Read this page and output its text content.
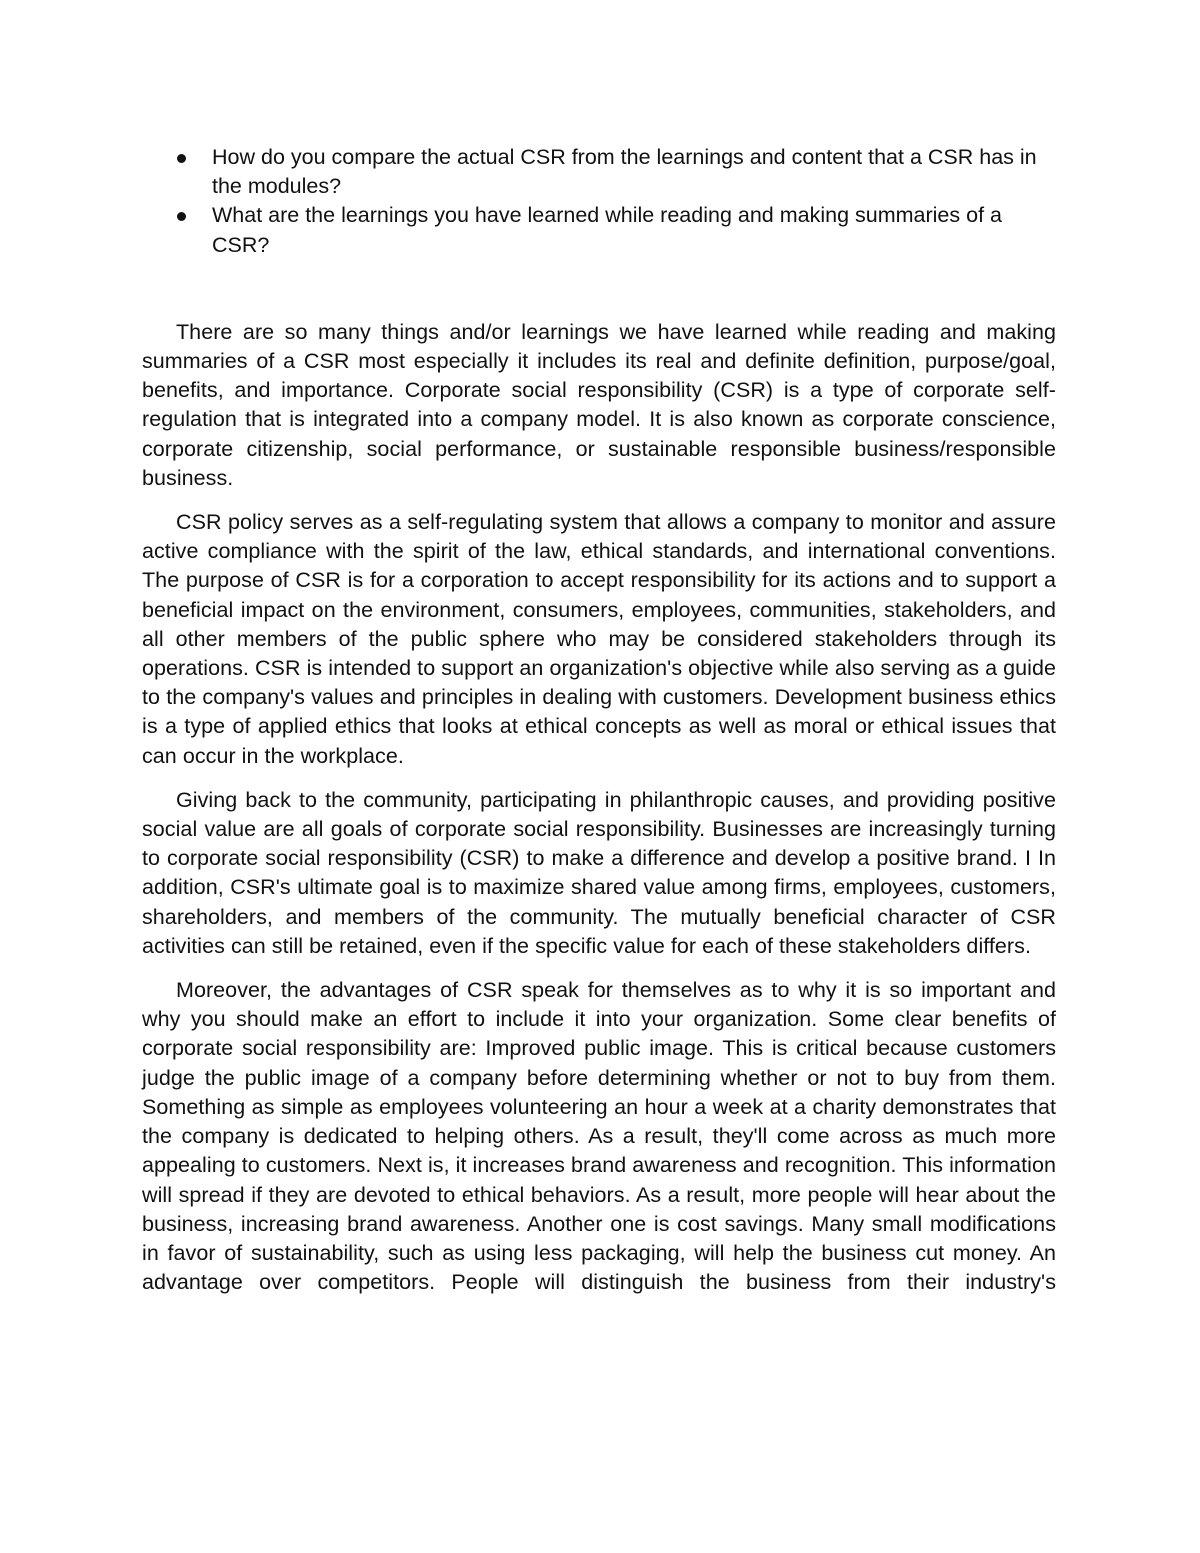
How do you compare the actual CSR from the learnings and content that a CSR has in the modules?
What are the learnings you have learned while reading and making summaries of a CSR?

There are so many things and/or learnings we have learned while reading and making summaries of a CSR most especially it includes its real and definite definition, purpose/goal, benefits, and importance. Corporate social responsibility (CSR) is a type of corporate self-regulation that is integrated into a company model. It is also known as corporate conscience, corporate citizenship, social performance, or sustainable responsible business/responsible business.

CSR policy serves as a self-regulating system that allows a company to monitor and assure active compliance with the spirit of the law, ethical standards, and international conventions. The purpose of CSR is for a corporation to accept responsibility for its actions and to support a beneficial impact on the environment, consumers, employees, communities, stakeholders, and all other members of the public sphere who may be considered stakeholders through its operations. CSR is intended to support an organization's objective while also serving as a guide to the company's values and principles in dealing with customers. Development business ethics is a type of applied ethics that looks at ethical concepts as well as moral or ethical issues that can occur in the workplace.

Giving back to the community, participating in philanthropic causes, and providing positive social value are all goals of corporate social responsibility. Businesses are increasingly turning to corporate social responsibility (CSR) to make a difference and develop a positive brand. I In addition, CSR's ultimate goal is to maximize shared value among firms, employees, customers, shareholders, and members of the community. The mutually beneficial character of CSR activities can still be retained, even if the specific value for each of these stakeholders differs.

Moreover, the advantages of CSR speak for themselves as to why it is so important and why you should make an effort to include it into your organization. Some clear benefits of corporate social responsibility are: Improved public image. This is critical because customers judge the public image of a company before determining whether or not to buy from them. Something as simple as employees volunteering an hour a week at a charity demonstrates that the company is dedicated to helping others. As a result, they'll come across as much more appealing to customers. Next is, it increases brand awareness and recognition. This information will spread if they are devoted to ethical behaviors. As a result, more people will hear about the business, increasing brand awareness. Another one is cost savings. Many small modifications in favor of sustainability, such as using less packaging, will help the business cut money. An advantage over competitors. People will distinguish the business from their industry's
